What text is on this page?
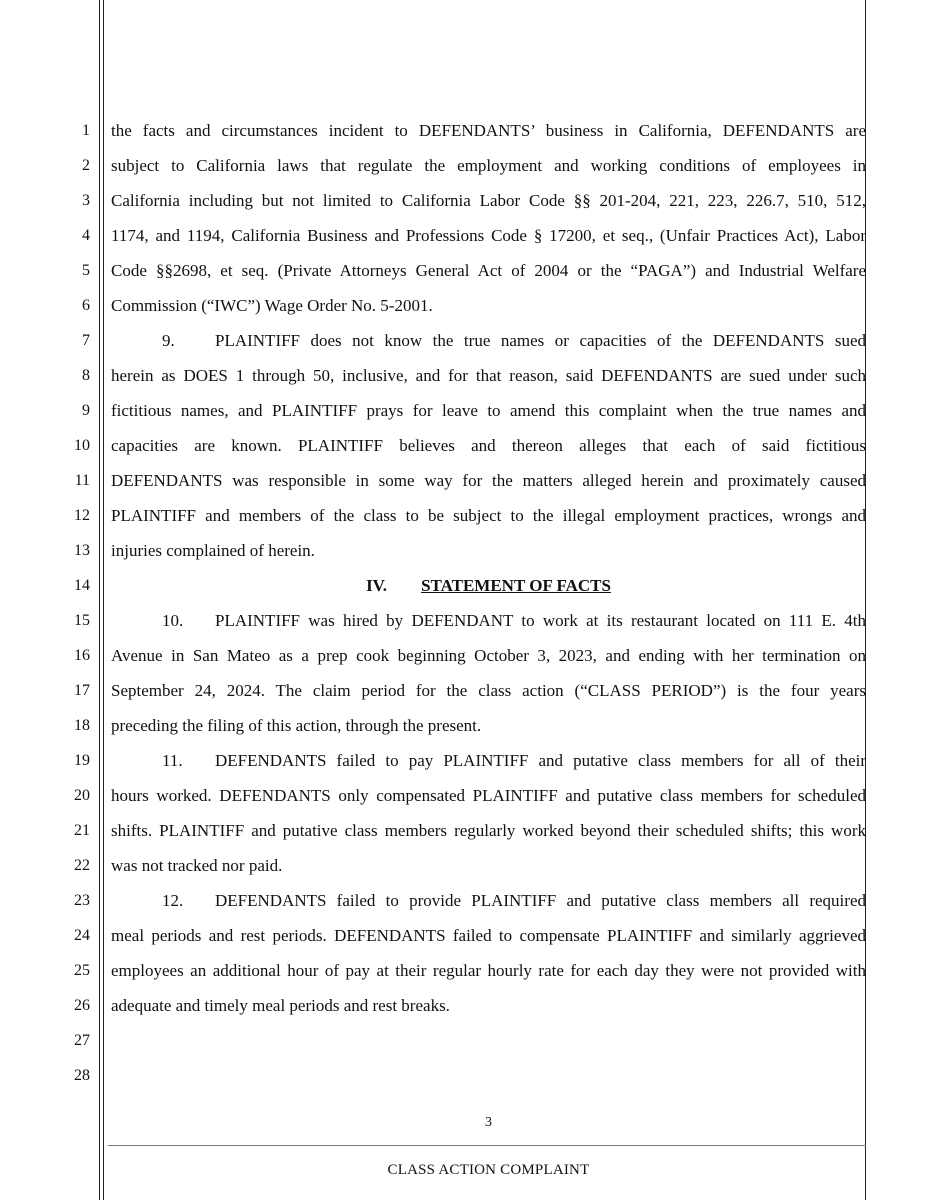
1
2
3
4
5
6
7
8
9
10
11
12
13
14
15
16
17
18
19
20
21
22
23
24
25
26
27
28
the facts and circumstances incident to DEFENDANTS’ business in California, DEFENDANTS are
subject to California laws that regulate the employment and working conditions of employees in
California including but not limited to California Labor Code §§ 201-204, 221, 223, 226.7, 510, 512,
1174, and 1194, California Business and Professions Code § 17200, et seq., (Unfair Practices Act), Labor
Code §§2698, et seq. (Private Attorneys General Act of 2004 or the “PAGA”) and Industrial Welfare
Commission (“IWC”) Wage Order No. 5-2001.
9. PLAINTIFF does not know the true names or capacities of the DEFENDANTS sued
herein as DOES 1 through 50, inclusive, and for that reason, said DEFENDANTS are sued under such
fictitious names, and PLAINTIFF prays for leave to amend this complaint when the true names and
capacities are known. PLAINTIFF believes and thereon alleges that each of said fictitious
DEFENDANTS was responsible in some way for the matters alleged herein and proximately caused
PLAINTIFF and members of the class to be subject to the illegal employment practices, wrongs and
injuries complained of herein.
IV. STATEMENT OF FACTS
10. PLAINTIFF was hired by DEFENDANT to work at its restaurant located on 111 E. 4th
Avenue in San Mateo as a prep cook beginning October 3, 2023, and ending with her termination on
September 24, 2024. The claim period for the class action (“CLASS PERIOD”) is the four years
preceding the filing of this action, through the present.
11. DEFENDANTS failed to pay PLAINTIFF and putative class members for all of their
hours worked. DEFENDANTS only compensated PLAINTIFF and putative class members for scheduled
shifts. PLAINTIFF and putative class members regularly worked beyond their scheduled shifts; this work
was not tracked nor paid.
12. DEFENDANTS failed to provide PLAINTIFF and putative class members all required
meal periods and rest periods. DEFENDANTS failed to compensate PLAINTIFF and similarly aggrieved
employees an additional hour of pay at their regular hourly rate for each day they were not provided with
adequate and timely meal periods and rest breaks.
3
CLASS ACTION COMPLAINT
